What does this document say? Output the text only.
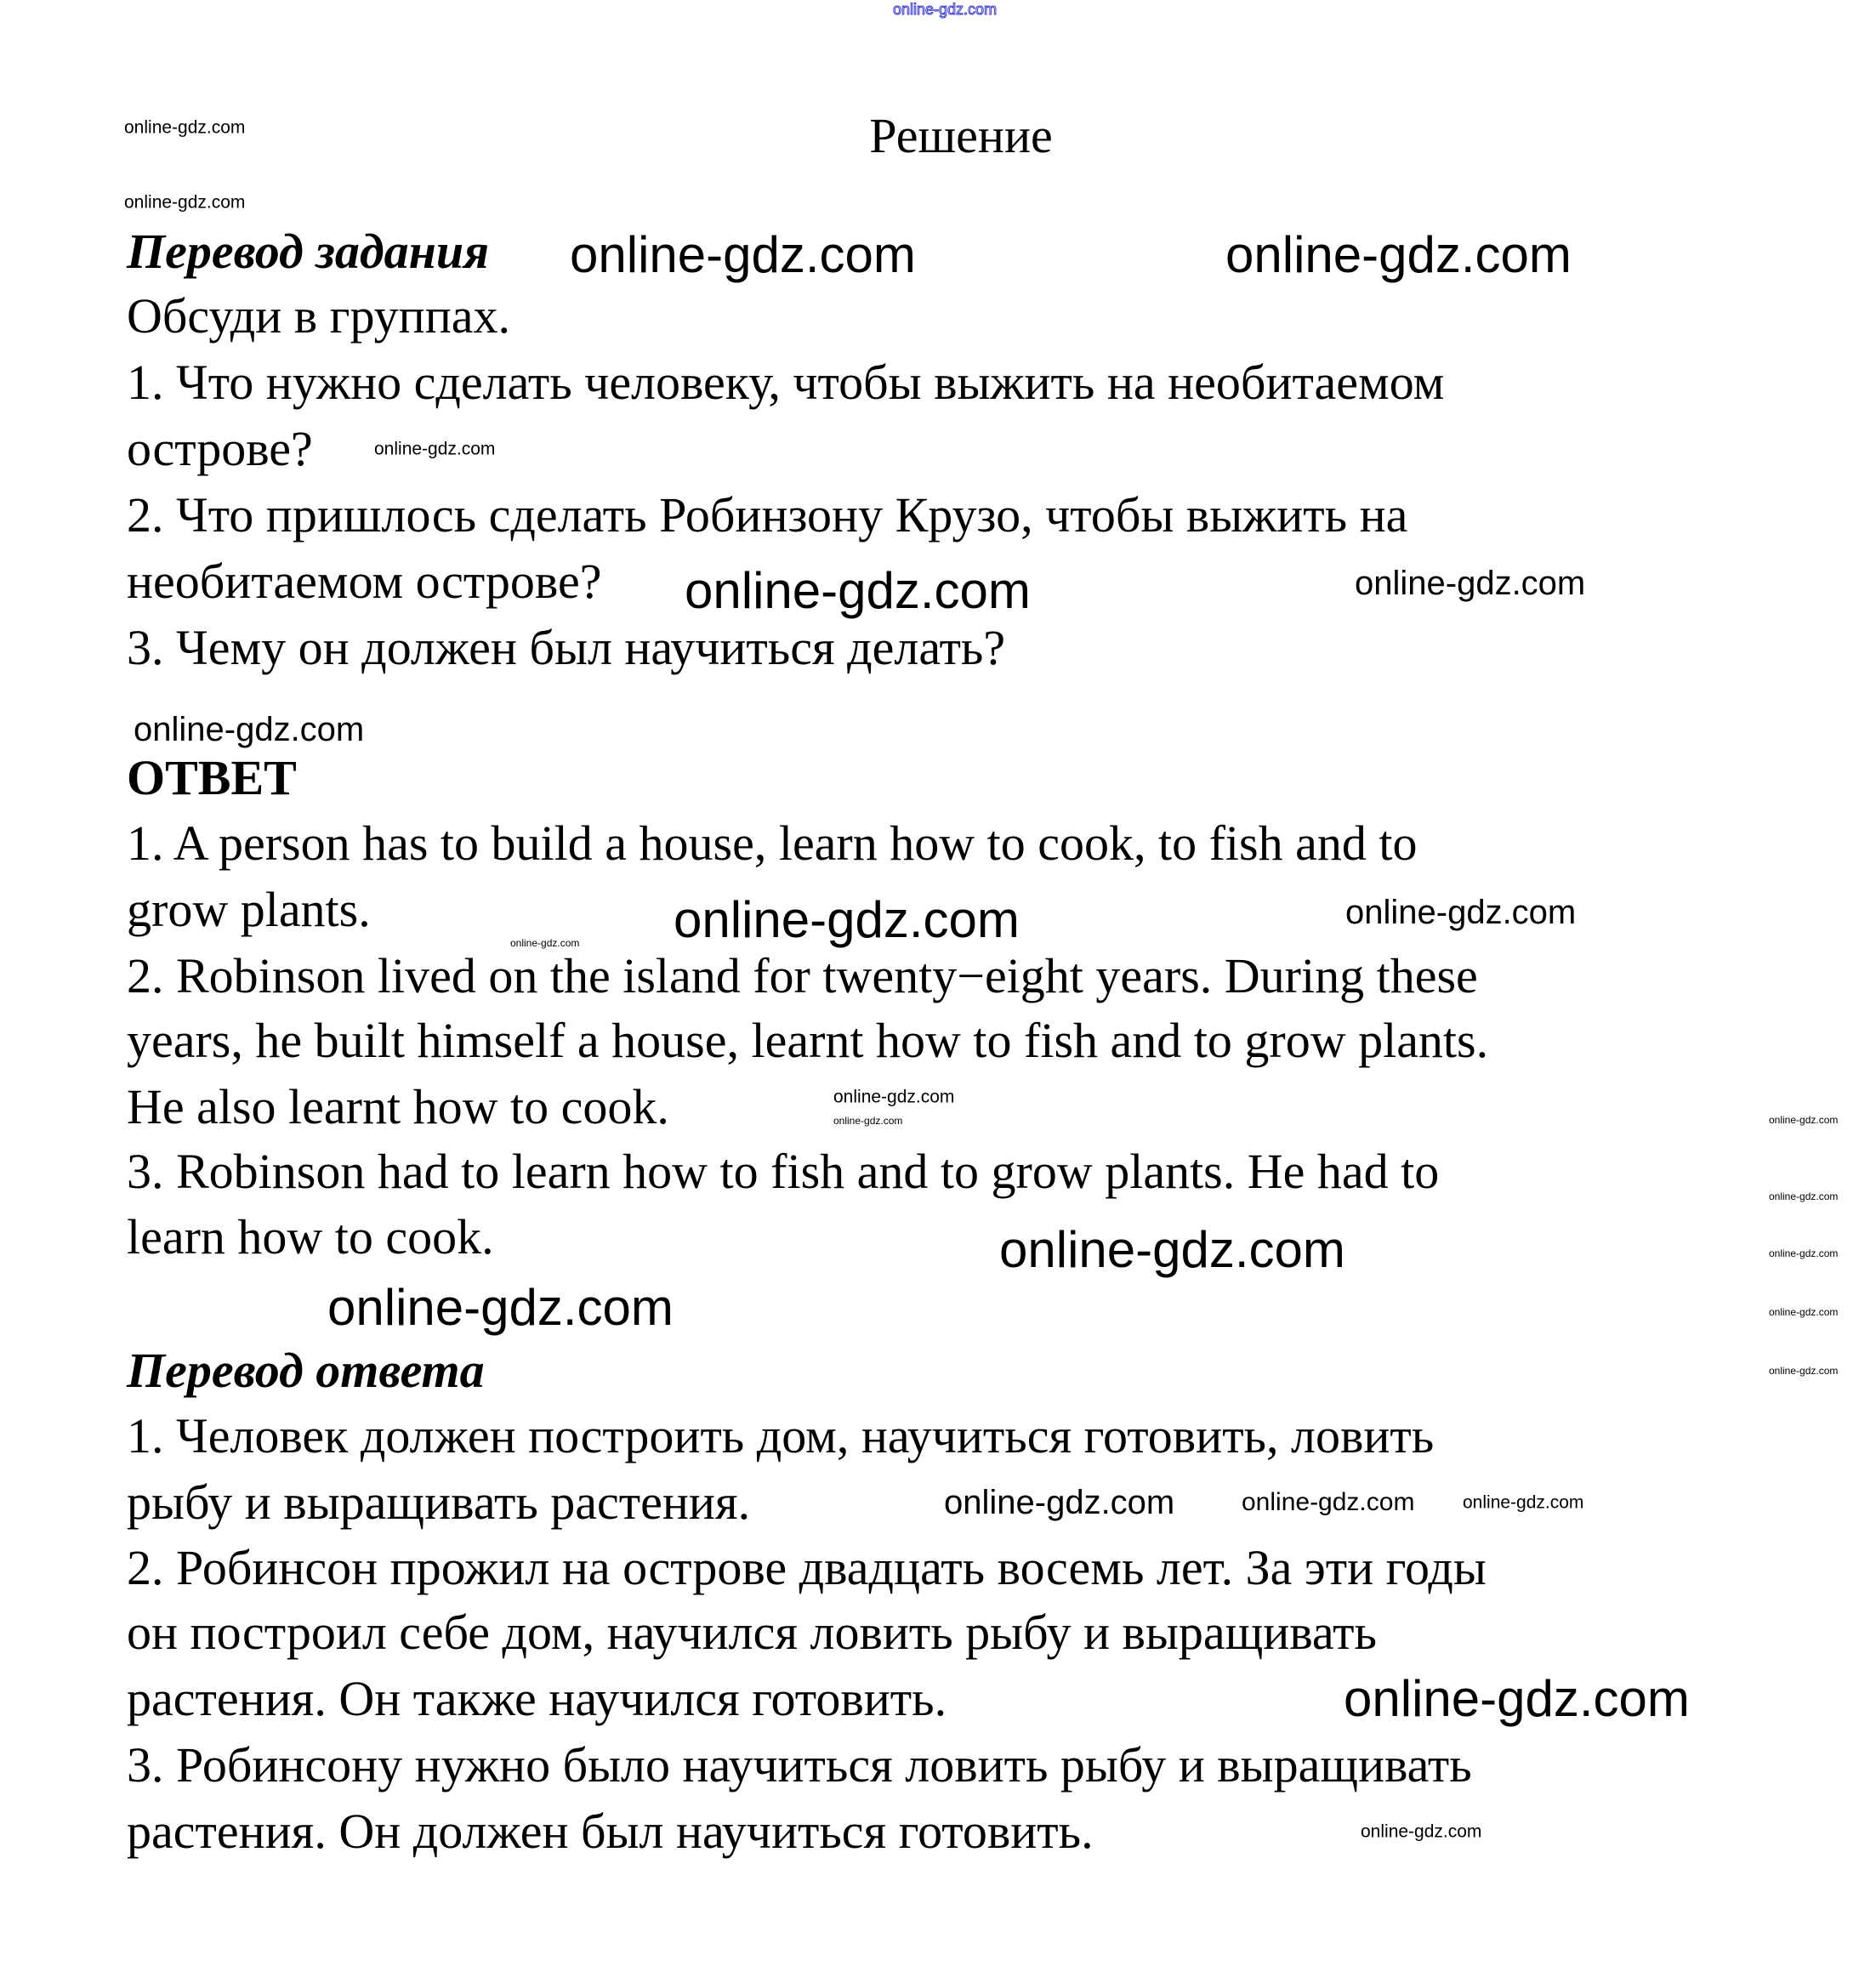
Решение
Перевод задания
Обсуди в группах.
1. Что нужно сделать человеку, чтобы выжить на необитаемом
острове?
2. Что пришлось сделать Робинзону Крузо, чтобы выжить на
необитаемом острове?
3. Чему он должен был научиться делать?
ОТВЕТ
1. A person has to build a house, learn how to cook, to fish and to
grow plants.
2. Robinson lived on the island for twenty−eight years. During these
years, he built himself a house, learnt how to fish and to grow plants.
He also learnt how to cook.
3. Robinson had to learn how to fish and to grow plants. He had to
learn how to cook.
Перевод ответа
1. Человек должен построить дом, научиться готовить, ловить
рыбу и выращивать растения.
2. Робинсон прожил на острове двадцать восемь лет. За эти годы
он построил себе дом, научился ловить рыбу и выращивать
растения. Он также научился готовить.
3. Робинсону нужно было научиться ловить рыбу и выращивать
растения. Он должен был научиться готовить.
online-gdz.com
online-gdz.com
online-gdz.com
online-gdz.com	online-gdz.com
online-gdz.com
online-gdz.com	online-gdz.com
online-gdz.com
online-gdz.com	online-gdz.com
online-gdz.com
online-gdz.com
online-gdz.com	online-gdz.com
online-gdz.com
online-gdz.com
online-gdz.com
online-gdz.com
online-gdz.com
online-gdz.com
online-gdz.com
online-gdz.com
online-gdz.com
online-gdz.com
online-gdz.com
